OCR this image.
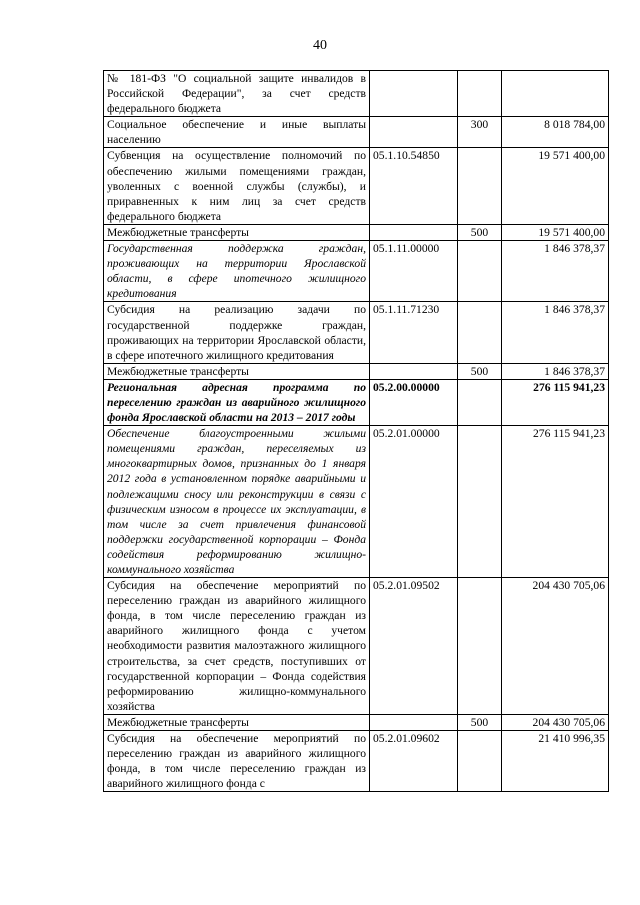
40
№ 181-ФЗ "О социальной защите инвалидов в Российской Федерации", за счет средств федерального бюджета			
Социальное обеспечение и иные выплаты населению		300	8 018 784,00
Субвенция на осуществление полномочий по обеспечению жилыми помещениями граждан, уволенных с военной службы (службы), и приравненных к ним лиц за счет средств федерального бюджета	05.1.10.54850		19 571 400,00
Межбюджетные трансферты		500	19 571 400,00
Государственная поддержка граждан, проживающих на территории Ярославской области, в сфере ипотечного жилищного кредитования	05.1.11.00000		1 846 378,37
Субсидия на реализацию задачи по государственной поддержке граждан, проживающих на территории Ярославской области, в сфере ипотечного жилищного кредитования	05.1.11.71230		1 846 378,37
Межбюджетные трансферты		500	1 846 378,37
Региональная адресная программа по переселению граждан из аварийного жилищного фонда Ярославской области на 2013 – 2017 годы	05.2.00.00000		276 115 941,23
Обеспечение благоустроенными жилыми помещениями граждан, переселяемых из многоквартирных домов, признанных до 1 января 2012 года в установленном порядке аварийными и подлежащими сносу или реконструкции в связи с физическим износом в процессе их эксплуатации, в том числе за счет привлечения финансовой поддержки государственной корпорации – Фонда содействия реформированию жилищно-коммунального хозяйства	05.2.01.00000		276 115 941,23
Субсидия на обеспечение мероприятий по переселению граждан из аварийного жилищного фонда, в том числе переселению граждан из аварийного жилищного фонда с учетом необходимости развития малоэтажного жилищного строительства, за счет средств, поступивших от государственной корпорации – Фонда содействия реформированию жилищно-коммунального хозяйства	05.2.01.09502		204 430 705,06
Межбюджетные трансферты		500	204 430 705,06
Субсидия на обеспечение мероприятий по переселению граждан из аварийного жилищного фонда, в том числе переселению граждан из аварийного жилищного фонда с	05.2.01.09602		21 410 996,35
